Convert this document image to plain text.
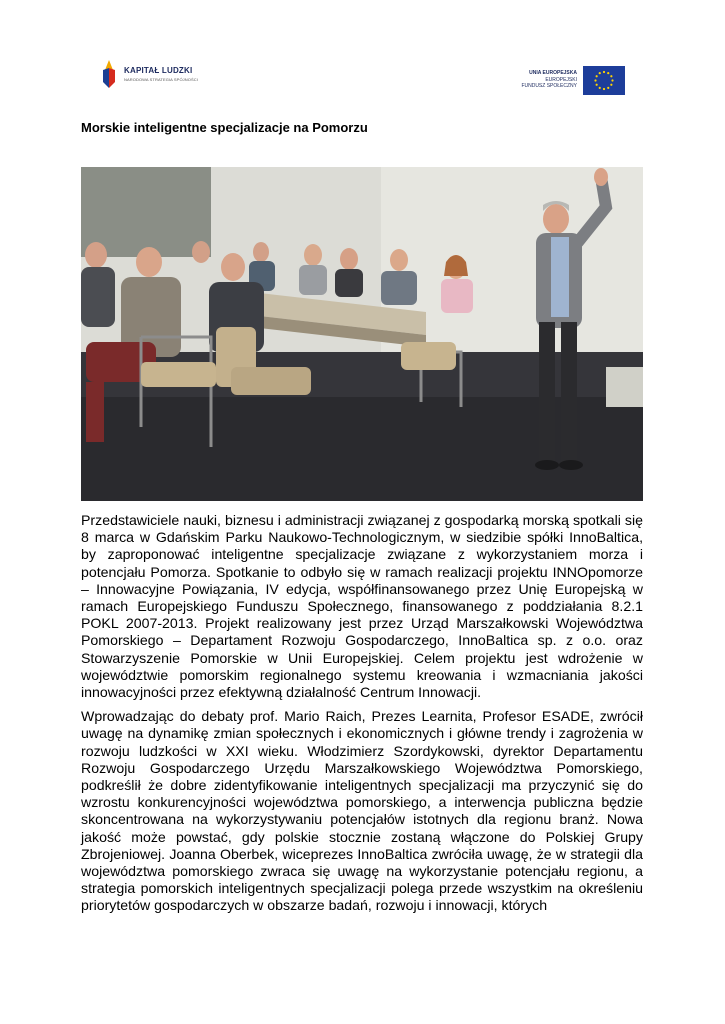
KAPITAŁ LUDZKI
NARODOWA STRATEGIA SPÓJNOŚCI
UNIA EUROPEJSKA
EUROPEJSKI
FUNDUSZ SPOŁECZNY
Morskie inteligentne specjalizacje na Pomorzu

Przedstawiciele nauki, biznesu i administracji związanej z gospodarką morską spotkali się 8 marca w Gdańskim Parku Naukowo-Technologicznym, w siedzibie spółki InnoBaltica, by zaproponować inteligentne specjalizacje związane z wykorzystaniem morza i potencjału Pomorza. Spotkanie to odbyło się w ramach realizacji projektu INNOpomorze – Innowacyjne Powiązania, IV edycja, współfinansowanego przez Unię Europejską w ramach Europejskiego Funduszu Społecznego, finansowanego z poddziałania 8.2.1 POKL 2007-2013. Projekt realizowany jest przez Urząd Marszałkowski Województwa Pomorskiego – Departament Rozwoju Gospodarczego, InnoBaltica sp. z o.o. oraz Stowarzyszenie Pomorskie w Unii Europejskiej. Celem projektu jest wdrożenie w województwie pomorskim regionalnego systemu kreowania i wzmacniania jakości innowacyjności przez efektywną działalność Centrum Innowacji.

Wprowadzając do debaty prof. Mario Raich, Prezes Learnita, Profesor ESADE, zwrócił uwagę na dynamikę zmian społecznych i ekonomicznych i główne trendy i zagrożenia w rozwoju ludzkości w XXI wieku. Włodzimierz Szordykowski, dyrektor Departamentu Rozwoju Gospodarczego Urzędu Marszałkowskiego Województwa Pomorskiego, podkreślił że dobre zidentyfikowanie inteligentnych specjalizacji ma przyczynić się do wzrostu konkurencyjności województwa pomorskiego, a interwencja publiczna będzie skoncentrowana na wykorzystywaniu potencjałów istotnych dla regionu branż. Nowa jakość może powstać, gdy polskie stocznie zostaną włączone do Polskiej Grupy Zbrojeniowej. Joanna Oberbek, wiceprezes InnoBaltica zwróciła uwagę, że w strategii dla województwa pomorskiego zwraca się uwagę na wykorzystanie potencjału regionu, a strategia pomorskich inteligentnych specjalizacji polega przede wszystkim na określeniu priorytetów gospodarczych w obszarze badań, rozwoju i innowacji, których
